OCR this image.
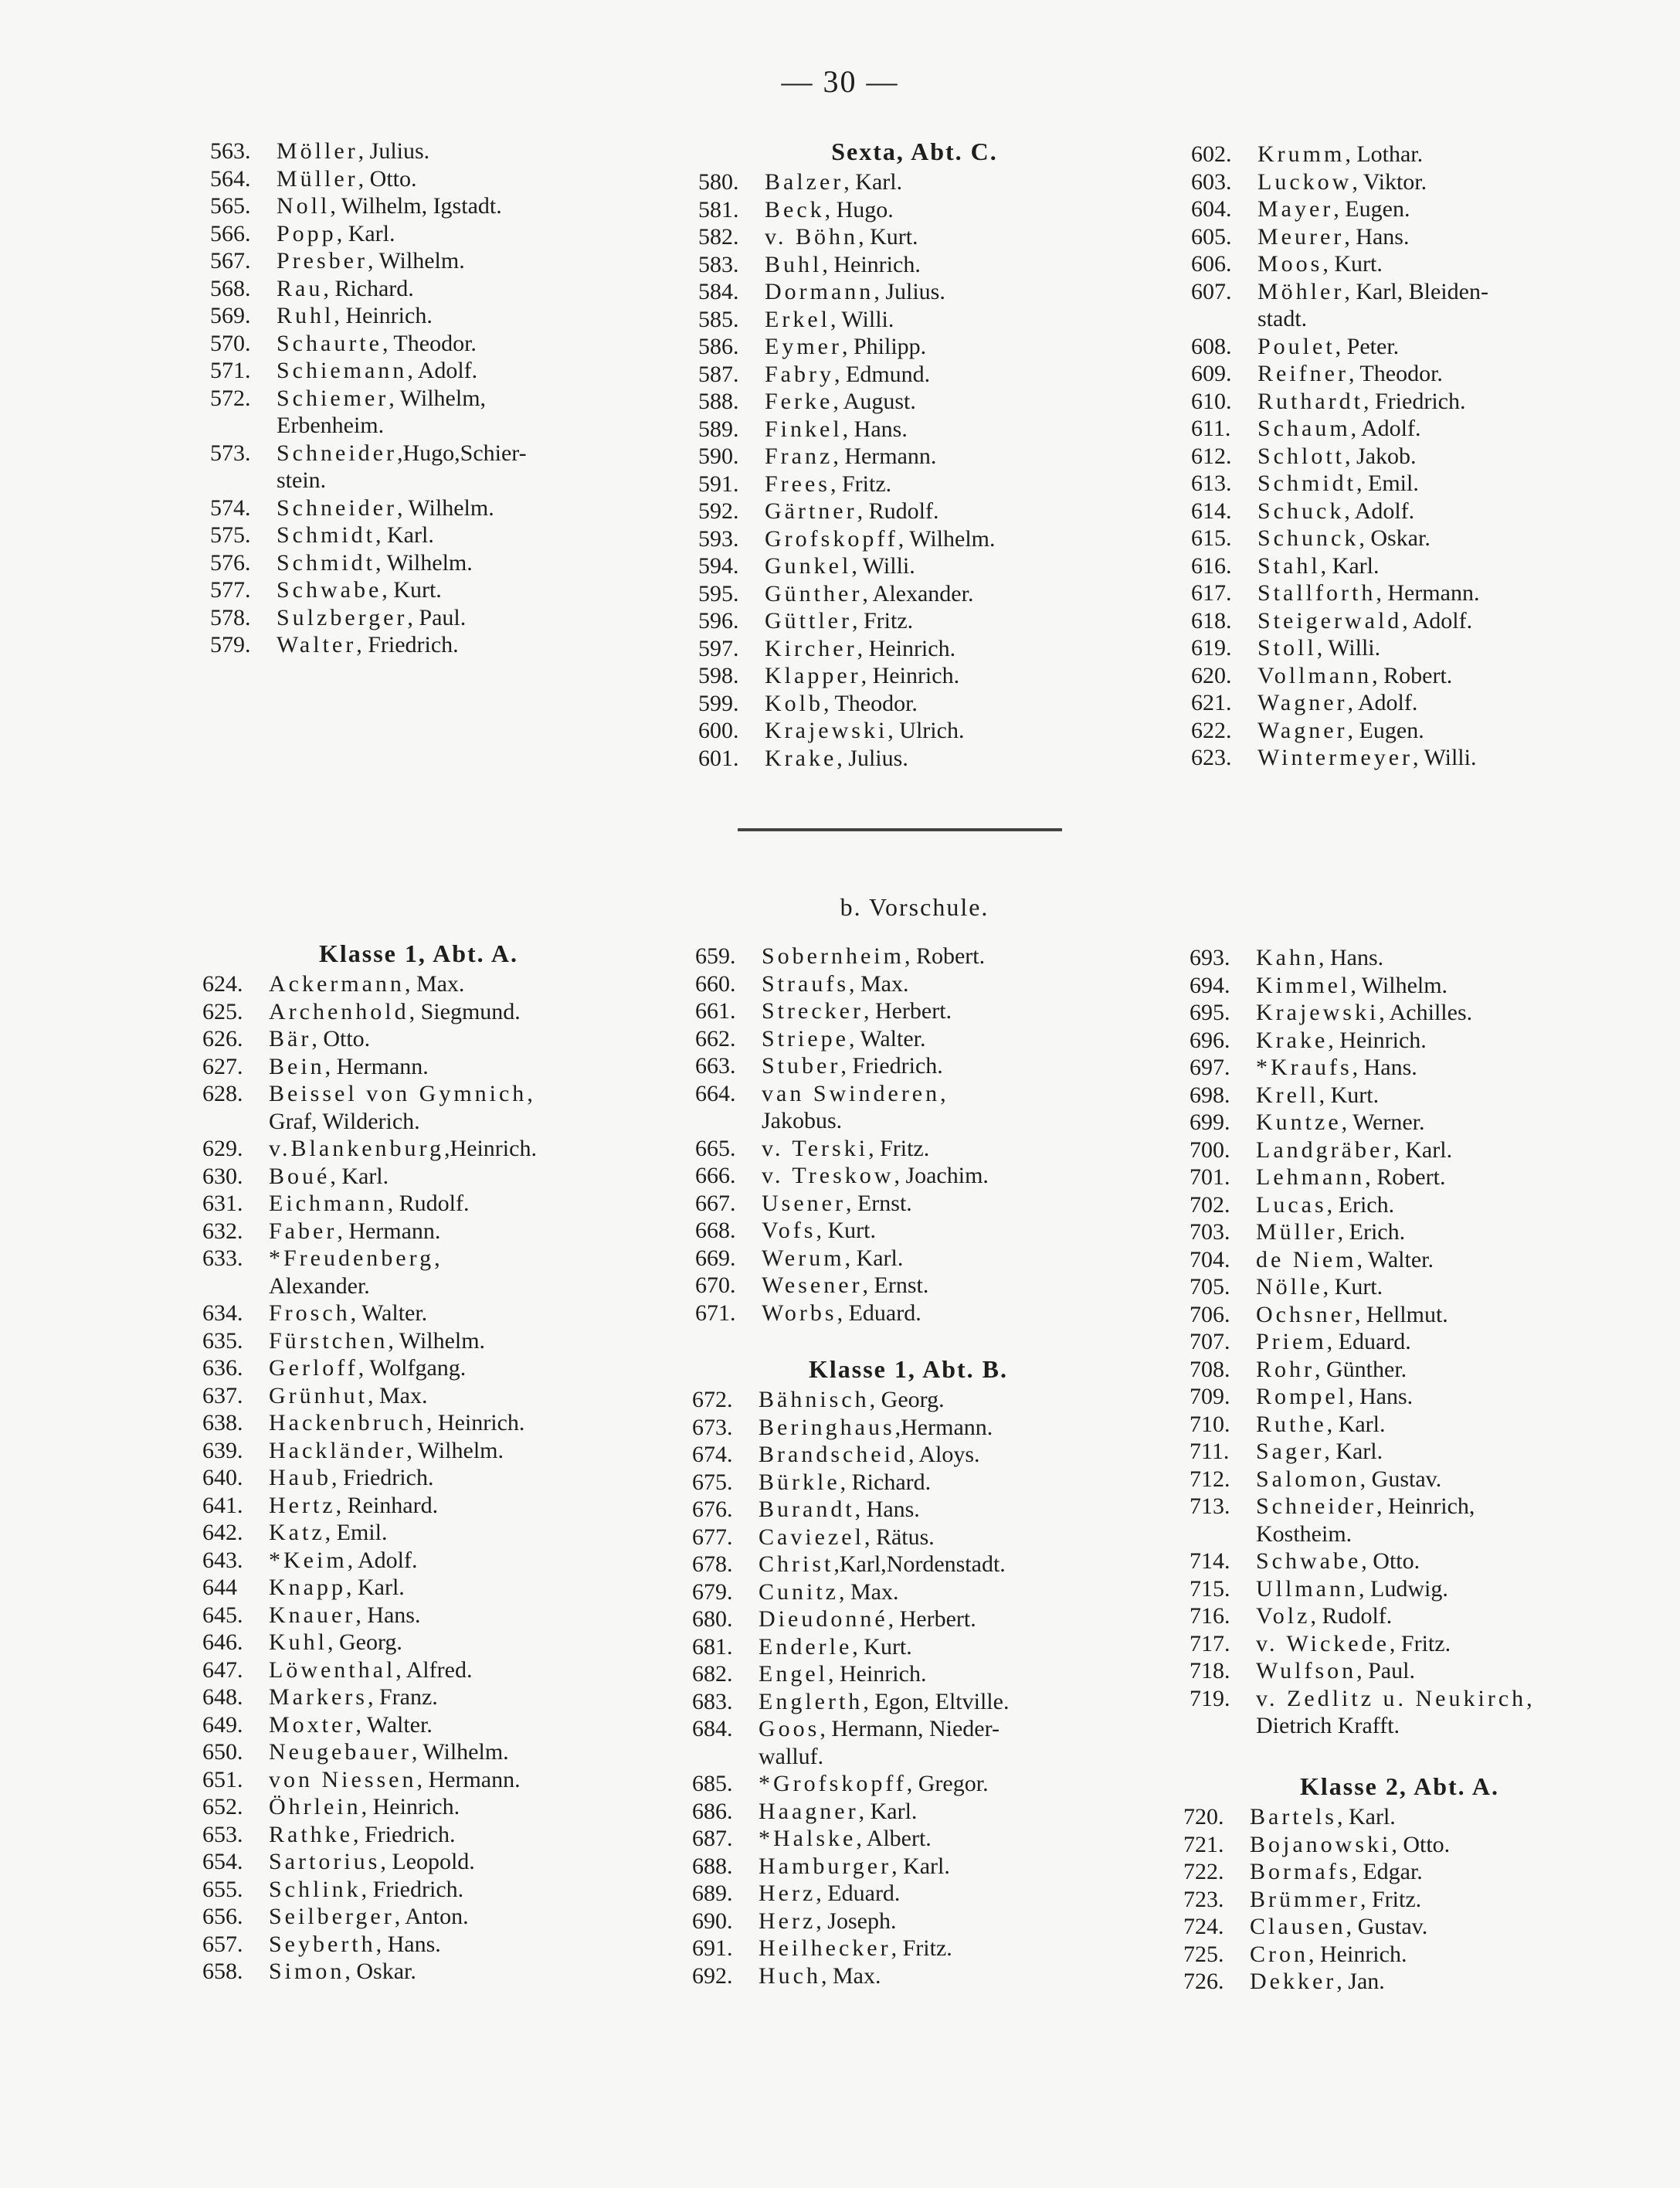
— 30 —
563.	Möller, Julius.
564.	Müller, Otto.
565.	Noll, Wilhelm, Igstadt.
566.	Popp, Karl.
567.	Presber, Wilhelm.
568.	Rau, Richard.
569.	Ruhl, Heinrich.
570.	Schaurte, Theodor.
571.	Schiemann, Adolf.
572.	Schiemer, Wilhelm,
Erbenheim.
573.	Schneider,Hugo,Schier-
stein.
574.	Schneider, Wilhelm.
575.	Schmidt, Karl.
576.	Schmidt, Wilhelm.
577.	Schwabe, Kurt.
578.	Sulzberger, Paul.
579.	Walter, Friedrich.
Sexta, Abt. C.
580.	Balzer, Karl.
581.	Beck, Hugo.
582.	v. Böhn, Kurt.
583.	Buhl, Heinrich.
584.	Dormann, Julius.
585.	Erkel, Willi.
586.	Eymer, Philipp.
587.	Fabry, Edmund.
588.	Ferke, August.
589.	Finkel, Hans.
590.	Franz, Hermann.
591.	Frees, Fritz.
592.	Gärtner, Rudolf.
593.	Grofskopff, Wilhelm.
594.	Gunkel, Willi.
595.	Günther, Alexander.
596.	Güttler, Fritz.
597.	Kircher, Heinrich.
598.	Klapper, Heinrich.
599.	Kolb, Theodor.
600.	Krajewski, Ulrich.
601.	Krake, Julius.
602.	Krumm, Lothar.
603.	Luckow, Viktor.
604.	Mayer, Eugen.
605.	Meurer, Hans.
606.	Moos, Kurt.
607.	Möhler, Karl, Bleiden-
stadt.
608.	Poulet, Peter.
609.	Reifner, Theodor.
610.	Ruthardt, Friedrich.
611.	Schaum, Adolf.
612.	Schlott, Jakob.
613.	Schmidt, Emil.
614.	Schuck, Adolf.
615.	Schunck, Oskar.
616.	Stahl, Karl.
617.	Stallforth, Hermann.
618.	Steigerwald, Adolf.
619.	Stoll, Willi.
620.	Vollmann, Robert.
621.	Wagner, Adolf.
622.	Wagner, Eugen.
623.	Wintermeyer, Willi.
b. Vorschule.
Klasse 1, Abt. A.
624.	Ackermann, Max.
625.	Archenhold, Siegmund.
626.	Bär, Otto.
627.	Bein, Hermann.
628.	Beissel von Gymnich,
Graf, Wilderich.
629.	v.Blankenburg,Heinrich.
630.	Boué, Karl.
631.	Eichmann, Rudolf.
632.	Faber, Hermann.
633.	*Freudenberg,
Alexander.
634.	Frosch, Walter.
635.	Fürstchen, Wilhelm.
636.	Gerloff, Wolfgang.
637.	Grünhut, Max.
638.	Hackenbruch, Heinrich.
639.	Hackländer, Wilhelm.
640.	Haub, Friedrich.
641.	Hertz, Reinhard.
642.	Katz, Emil.
643.	*Keim, Adolf.
644	Knapp, Karl.
645.	Knauer, Hans.
646.	Kuhl, Georg.
647.	Löwenthal, Alfred.
648.	Markers, Franz.
649.	Moxter, Walter.
650.	Neugebauer, Wilhelm.
651.	von Niessen, Hermann.
652.	Öhrlein, Heinrich.
653.	Rathke, Friedrich.
654.	Sartorius, Leopold.
655.	Schlink, Friedrich.
656.	Seilberger, Anton.
657.	Seyberth, Hans.
658.	Simon, Oskar.
659.	Sobernheim, Robert.
660.	Straufs, Max.
661.	Strecker, Herbert.
662.	Striepe, Walter.
663.	Stuber, Friedrich.
664.	van Swinderen,
Jakobus.
665.	v. Terski, Fritz.
666.	v. Treskow, Joachim.
667.	Usener, Ernst.
668.	Vofs, Kurt.
669.	Werum, Karl.
670.	Wesener, Ernst.
671.	Worbs, Eduard.
Klasse 1, Abt. B.
672.	Bähnisch, Georg.
673.	Beringhaus,Hermann.
674.	Brandscheid, Aloys.
675.	Bürkle, Richard.
676.	Burandt, Hans.
677.	Caviezel, Rätus.
678.	Christ,Karl,Nordenstadt.
679.	Cunitz, Max.
680.	Dieudonné, Herbert.
681.	Enderle, Kurt.
682.	Engel, Heinrich.
683.	Englerth, Egon, Eltville.
684.	Goos, Hermann, Nieder-
walluf.
685.	*Grofskopff, Gregor.
686.	Haagner, Karl.
687.	*Halske, Albert.
688.	Hamburger, Karl.
689.	Herz, Eduard.
690.	Herz, Joseph.
691.	Heilhecker, Fritz.
692.	Huch, Max.
693.	Kahn, Hans.
694.	Kimmel, Wilhelm.
695.	Krajewski, Achilles.
696.	Krake, Heinrich.
697.	*Kraufs, Hans.
698.	Krell, Kurt.
699.	Kuntze, Werner.
700.	Landgräber, Karl.
701.	Lehmann, Robert.
702.	Lucas, Erich.
703.	Müller, Erich.
704.	de Niem, Walter.
705.	Nölle, Kurt.
706.	Ochsner, Hellmut.
707.	Priem, Eduard.
708.	Rohr, Günther.
709.	Rompel, Hans.
710.	Ruthe, Karl.
711.	Sager, Karl.
712.	Salomon, Gustav.
713.	Schneider, Heinrich,
Kostheim.
714.	Schwabe, Otto.
715.	Ullmann, Ludwig.
716.	Volz, Rudolf.
717.	v. Wickede, Fritz.
718.	Wulfson, Paul.
719.	v. Zedlitz u. Neukirch,
Dietrich Krafft.
Klasse 2, Abt. A.
720.	Bartels, Karl.
721.	Bojanowski, Otto.
722.	Bormafs, Edgar.
723.	Brümmer, Fritz.
724.	Clausen, Gustav.
725.	Cron, Heinrich.
726.	Dekker, Jan.
